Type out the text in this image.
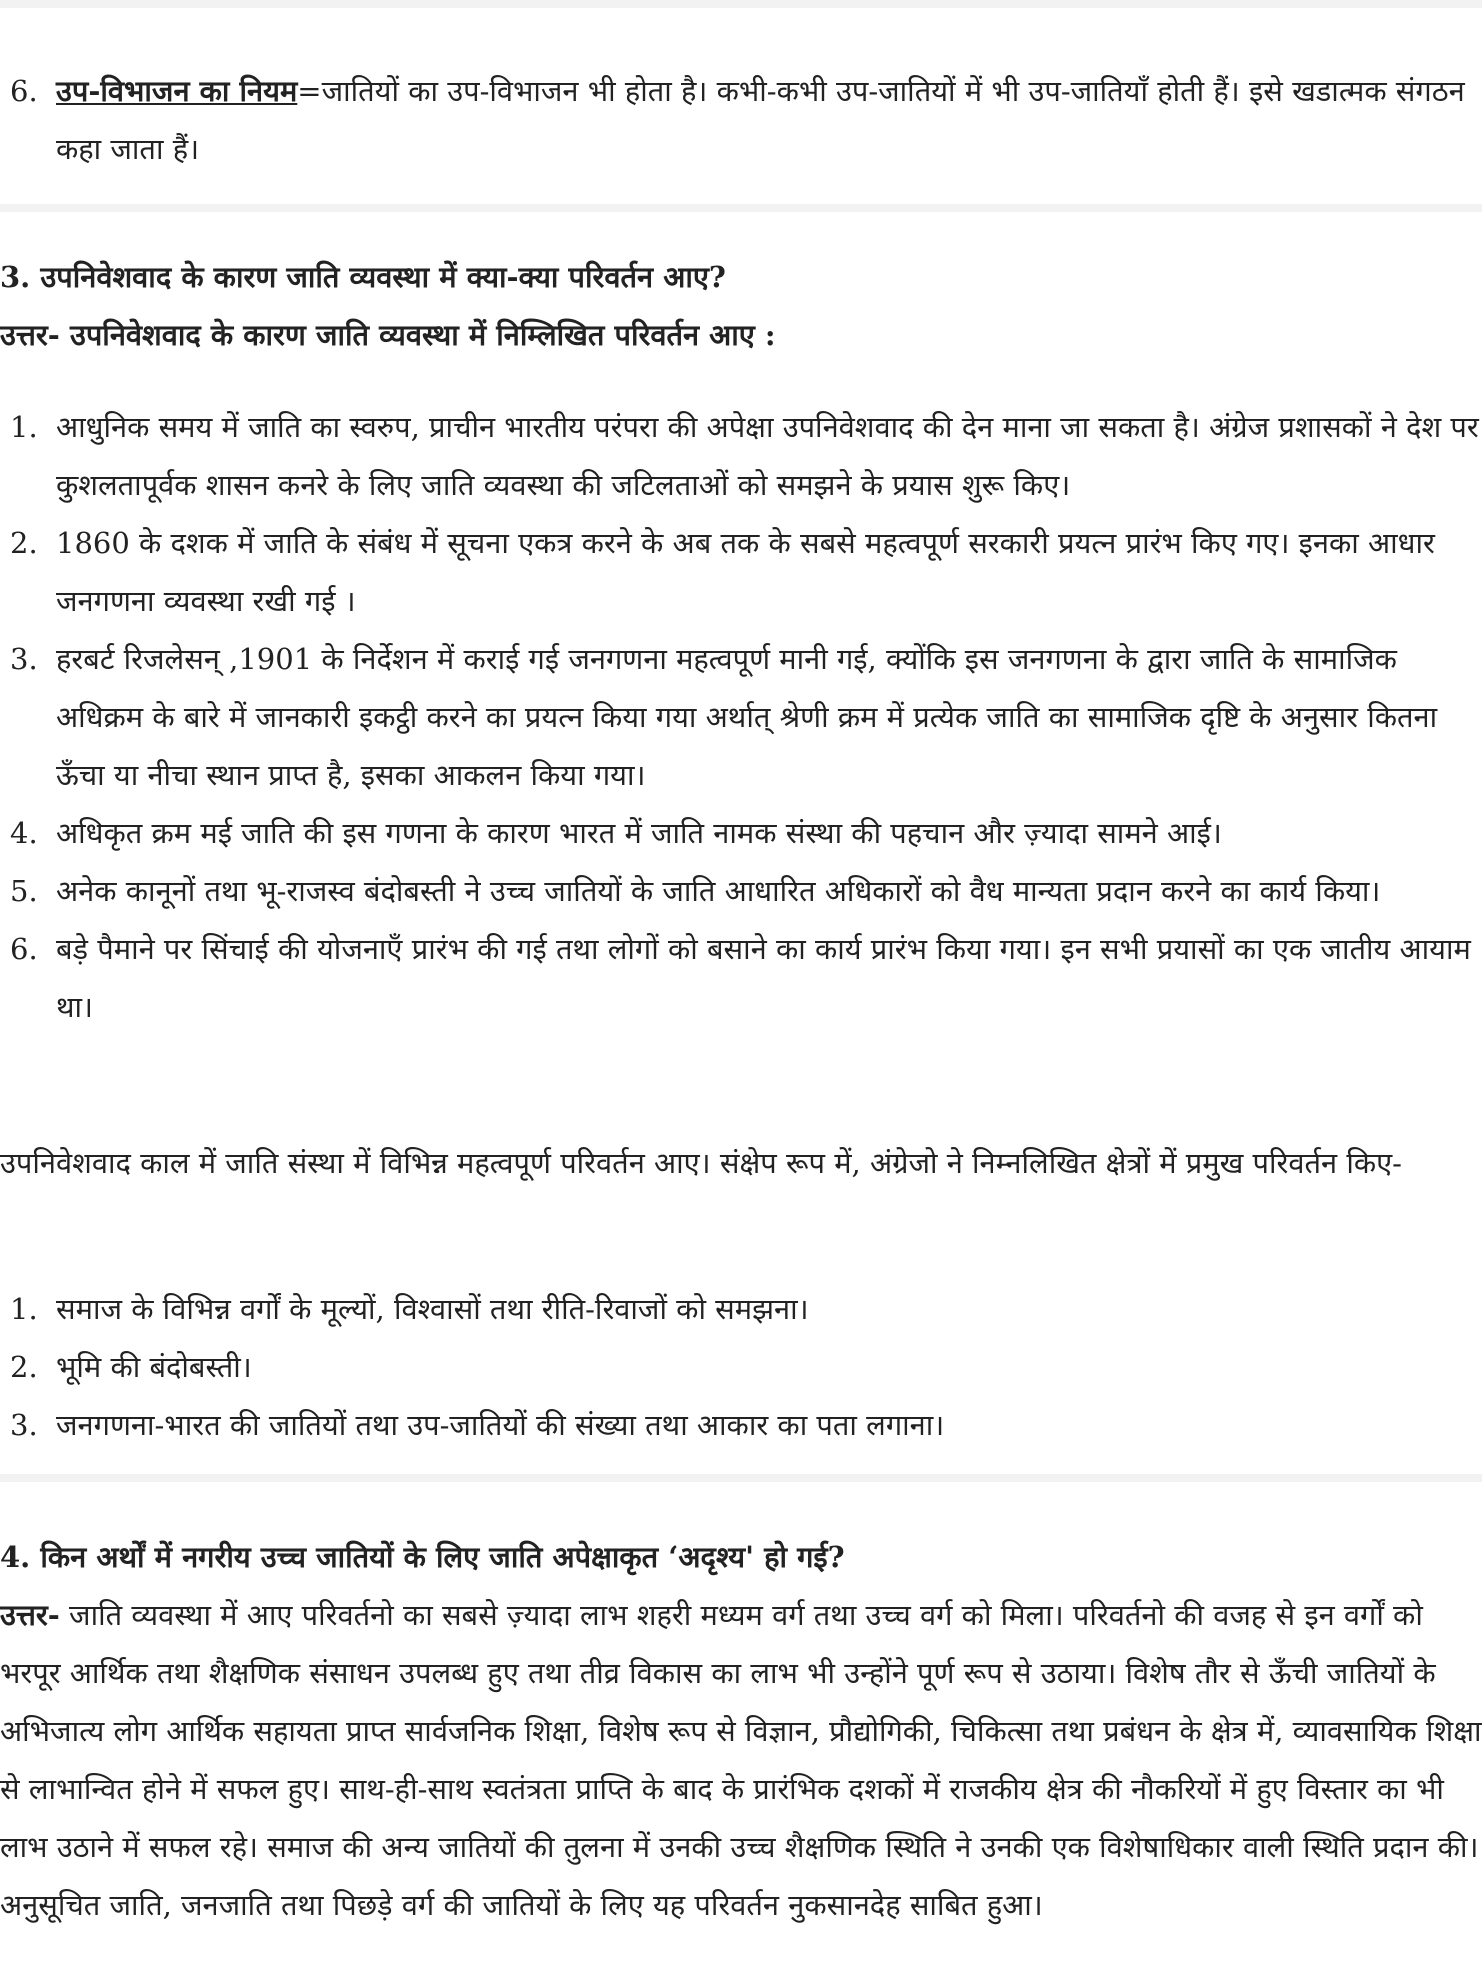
6. उप-विभाजन का नियम=जातियों का उप-विभाजन भी होता है। कभी-कभी उप-जातियों में भी उप-जातियाँ होती हैं। इसे खडात्मक संगठन कहा जाता हैं।

3. उपनिवेशवाद के कारण जाति व्यवस्था में क्या-क्या परिवर्तन आए?

उत्तर- उपनिवेशवाद के कारण जाति व्यवस्था में निम्लिखित परिवर्तन आए :

1. आधुनिक समय में जाति का स्वरुप, प्राचीन भारतीय परंपरा की अपेक्षा उपनिवेशवाद की देन माना जा सकता है। अंग्रेज प्रशासकों ने देश पर कुशलतापूर्वक शासन कनरे के लिए जाति व्यवस्था की जटिलताओं को समझने के प्रयास शुरू किए।
2. 1860 के दशक में जाति के संबंध में सूचना एकत्र करने के अब तक के सबसे महत्वपूर्ण सरकारी प्रयत्न प्रारंभ किए गए। इनका आधार जनगणना व्यवस्था रखी गई ।
3. हरबर्ट रिजलेसन् ,1901 के निर्देशन में कराई गई जनगणना महत्वपूर्ण मानी गई, क्योंकि इस जनगणना के द्वारा जाति के सामाजिक अधिक्रम के बारे में जानकारी इकट्ठी करने का प्रयत्न किया गया अर्थात् श्रेणी क्रम में प्रत्येक जाति का सामाजिक दृष्टि के अनुसार कितना ऊँचा या नीचा स्थान प्राप्त है, इसका आकलन किया गया।
4. अधिकृत क्रम मई जाति की इस गणना के कारण भारत में जाति नामक संस्था की पहचान और ज़्यादा सामने आई।
5. अनेक कानूनों तथा भू-राजस्व बंदोबस्ती ने उच्च जातियों के जाति आधारित अधिकारों को वैध मान्यता प्रदान करने का कार्य किया।
6. बड़े पैमाने पर सिंचाई की योजनाएँ प्रारंभ की गई तथा लोगों को बसाने का कार्य प्रारंभ किया गया। इन सभी प्रयासों का एक जातीय आयाम था।

उपनिवेशवाद काल में जाति संस्था में विभिन्न महत्वपूर्ण परिवर्तन आए। संक्षेप रूप में, अंग्रेजो ने निम्नलिखित क्षेत्रों में प्रमुख परिवर्तन किए-

1. समाज के विभिन्न वर्गों के मूल्यों, विश्वासों तथा रीति-रिवाजों को समझना।
2. भूमि की बंदोबस्ती।
3. जनगणना-भारत की जातियों तथा उप-जातियों की संख्या तथा आकार का पता लगाना।

4. किन अर्थों में नगरीय उच्च जातियों के लिए जाति अपेक्षाकृत ‘अदृश्य' हो गई?

उत्तर- जाति व्यवस्था में आए परिवर्तनो का सबसे ज़्यादा लाभ शहरी मध्यम वर्ग तथा उच्च वर्ग को मिला। परिवर्तनो की वजह से इन वर्गों को भरपूर आर्थिक तथा शैक्षणिक संसाधन उपलब्ध हुए तथा तीव्र विकास का लाभ भी उन्होंने पूर्ण रूप से उठाया। विशेष तौर से ऊँची जातियों के अभिजात्य लोग आर्थिक सहायता प्राप्त सार्वजनिक शिक्षा, विशेष रूप से विज्ञान, प्रौद्योगिकी, चिकित्सा तथा प्रबंधन के क्षेत्र में, व्यावसायिक शिक्षा से लाभान्वित होने में सफल हुए। साथ-ही-साथ स्वतंत्रता प्राप्ति के बाद के प्रारंभिक दशकों में राजकीय क्षेत्र की नौकरियों में हुए विस्तार का भी लाभ उठाने में सफल रहे। समाज की अन्य जातियों की तुलना में उनकी उच्च शैक्षणिक स्थिति ने उनकी एक विशेषाधिकार वाली स्थिति प्रदान की।

अनुसूचित जाति, जनजाति तथा पिछड़े वर्ग की जातियों के लिए यह परिवर्तन नुकसानदेह साबित हुआ।
